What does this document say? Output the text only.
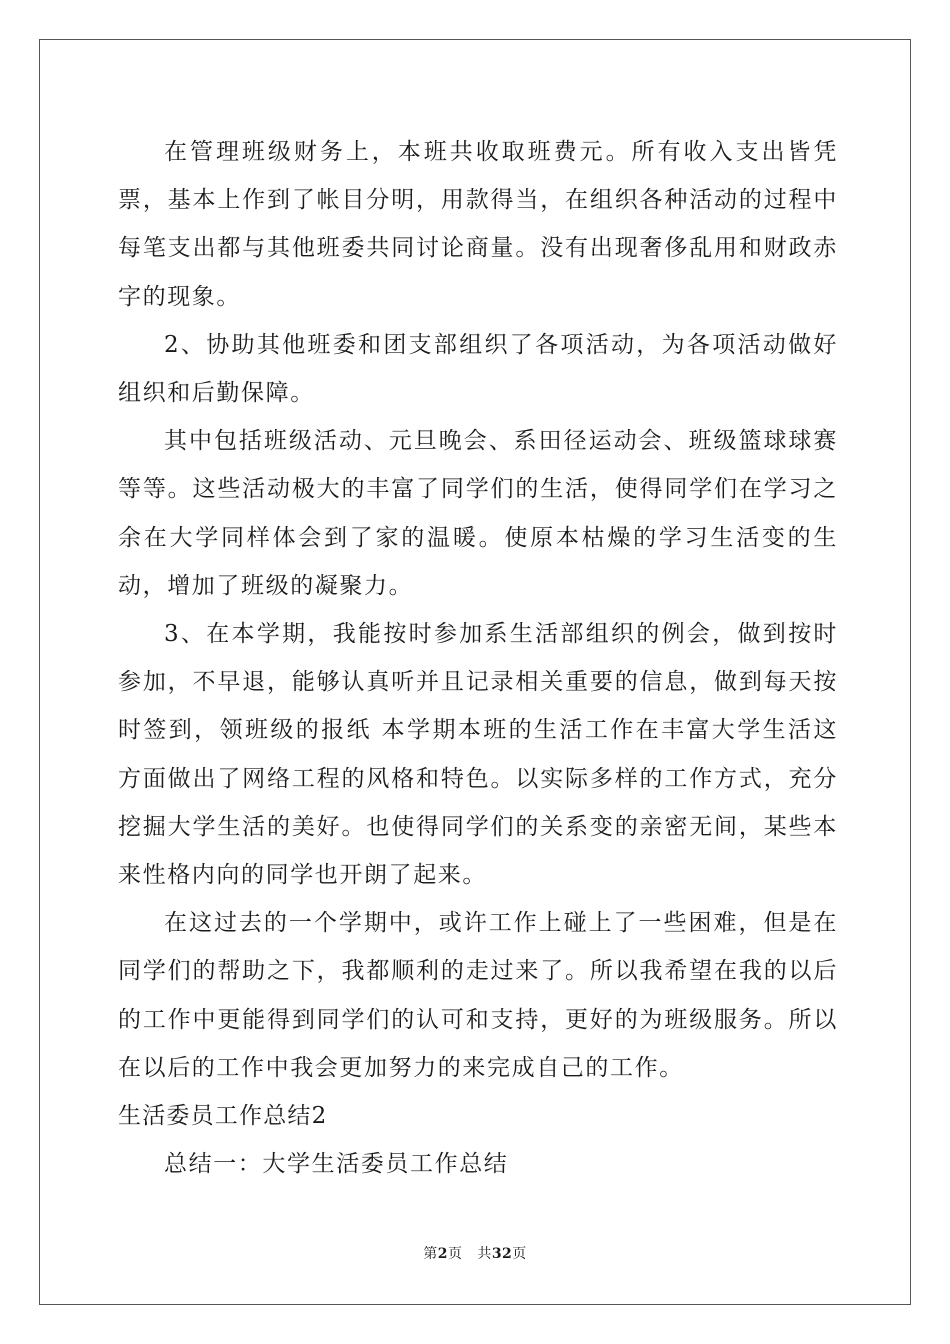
在管理班级财务上，本班共收取班费元。所有收入支出皆凭票，基本上作到了帐目分明，用款得当，在组织各种活动的过程中每笔支出都与其他班委共同讨论商量。没有出现奢侈乱用和财政赤字的现象。

2、协助其他班委和团支部组织了各项活动，为各项活动做好组织和后勤保障。

其中包括班级活动、元旦晚会、系田径运动会、班级篮球球赛等等。这些活动极大的丰富了同学们的生活，使得同学们在学习之余在大学同样体会到了家的温暖。使原本枯燥的学习生活变的生动，增加了班级的凝聚力。

3、在本学期，我能按时参加系生活部组织的例会，做到按时参加，不早退，能够认真听并且记录相关重要的信息，做到每天按时签到，领班级的报纸 本学期本班的生活工作在丰富大学生活这方面做出了网络工程的风格和特色。以实际多样的工作方式，充分挖掘大学生活的美好。也使得同学们的关系变的亲密无间，某些本来性格内向的同学也开朗了起来。

在这过去的一个学期中，或许工作上碰上了一些困难，但是在同学们的帮助之下，我都顺利的走过来了。所以我希望在我的以后的工作中更能得到同学们的认可和支持，更好的为班级服务。所以在以后的工作中我会更加努力的来完成自己的工作。

生活委员工作总结2

总结一：大学生活委员工作总结

第2页 共32页
